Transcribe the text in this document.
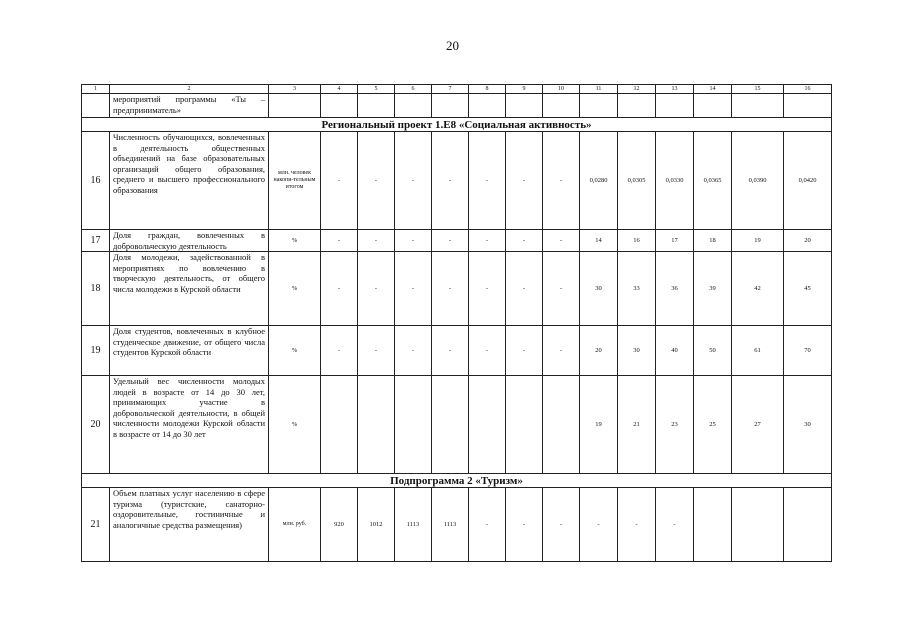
20
1	2	3	4	5	6	7	8	9	10	11	12	13	14	15	16
	мероприятий программы «Ты – предприниматель»														
Региональный проект 1.Е8 «Социальная активность»															
16	Численность обучающихся, вовлеченных в деятельность общественных объединений на базе образовательных организаций общего образования, среднего и высшего профессионального образования	млн. человек накопи-тельным итогом	-	-	-	-	-	-	-	0,0280	0,0305	0,0330	0,0365	0,0390	0,0420
17	Доля граждан, вовлеченных в добровольческую деятельность	%	-	-	-	-	-	-	-	14	16	17	18	19	20
18	Доля молодежи, задействованной в мероприятиях по вовлечению в творческую деятельность, от общего числа молодежи в Курской области	%	-	-	-	-	-	-	-	30	33	36	39	42	45
19	Доля студентов, вовлеченных в клубное студенческое движение, от общего числа студентов Курской области	%	-	-	-	-	-	-	-	20	30	40	50	61	70
20	Удельный вес численности молодых людей в возрасте от 14 до 30 лет, принимающих участие в добровольческой деятельности, в общей численности молодежи Курской области в возрасте от 14 до 30 лет	%								19	21	23	25	27	30
Подпрограмма 2 «Туризм»															
21	Объем платных услуг населению в сфере туризма (туристские, санаторно-оздоровительные, гостиничные и аналогичные средства размещения)	млн. руб.	920	1012	1113	1113	-	-	-	-	-	-			
